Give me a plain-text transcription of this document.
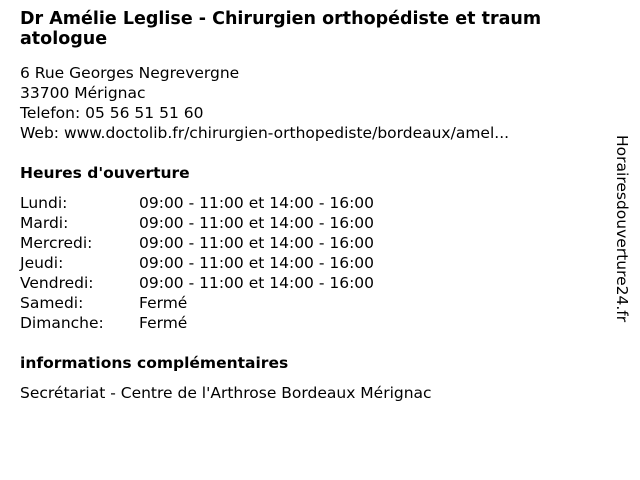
Dr Amélie Leglise - Chirurgien orthopédiste et traum
atologue
6 Rue Georges Negrevergne
33700 Mérignac
Telefon: 05 56 51 51 60
Web: www.doctolib.fr/chirurgien-orthopediste/bordeaux/amel...
Heures d'ouverture
Lundi:	09:00 - 11:00 et 14:00 - 16:00
Mardi:	09:00 - 11:00 et 14:00 - 16:00
Mercredi:	09:00 - 11:00 et 14:00 - 16:00
Jeudi:	09:00 - 11:00 et 14:00 - 16:00
Vendredi:	09:00 - 11:00 et 14:00 - 16:00
Samedi:	Fermé
Dimanche: Fermé
informations complémentaires
Secrétariat - Centre de l'Arthrose Bordeaux Mérignac
Horairesdouverture24.fr
